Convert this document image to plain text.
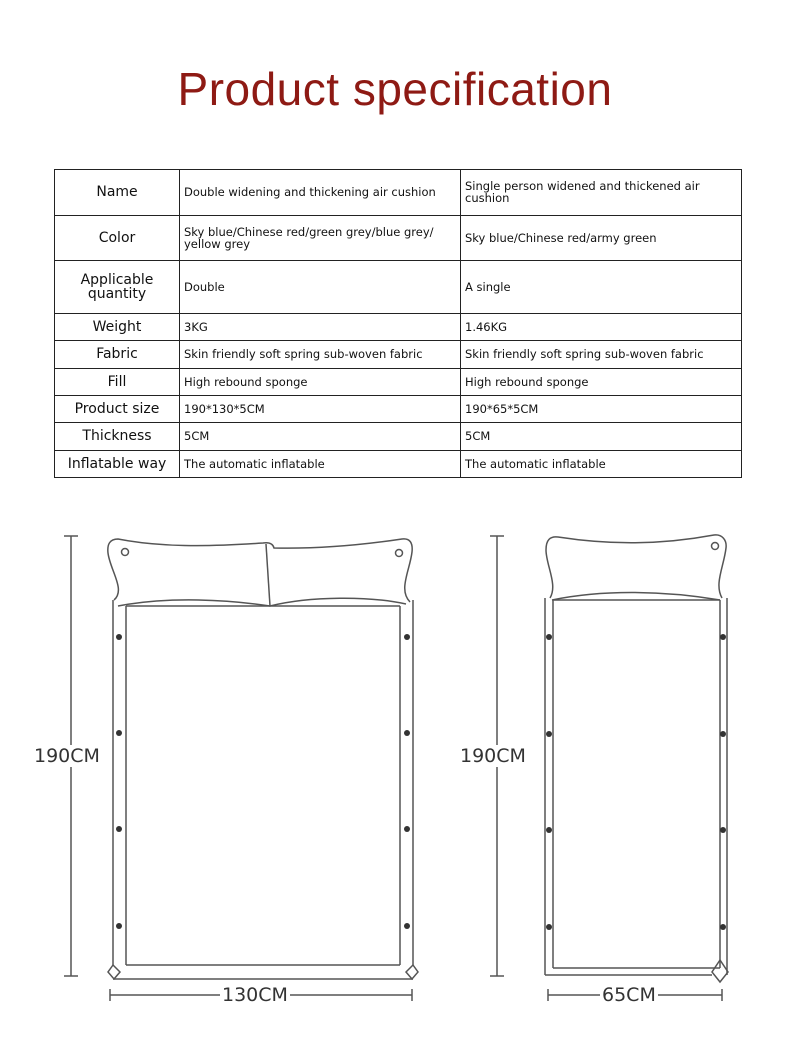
Product specification
Name	Double widening and thickening air cushion	Single person widened and thickened air cushion
Color	Sky blue/Chinese red/green grey/blue grey/ yellow grey	Sky blue/Chinese red/army green
Applicable quantity	Double	A single
Weight	3KG	1.46KG
Fabric	Skin friendly soft spring sub-woven fabric	Skin friendly soft spring sub-woven fabric
Fill	High rebound sponge	High rebound sponge
Product size	190*130*5CM	190*65*5CM
Thickness	5CM	5CM
Inflatable way	The automatic inflatable	The automatic inflatable
190CM
130CM
190CM
65CM
